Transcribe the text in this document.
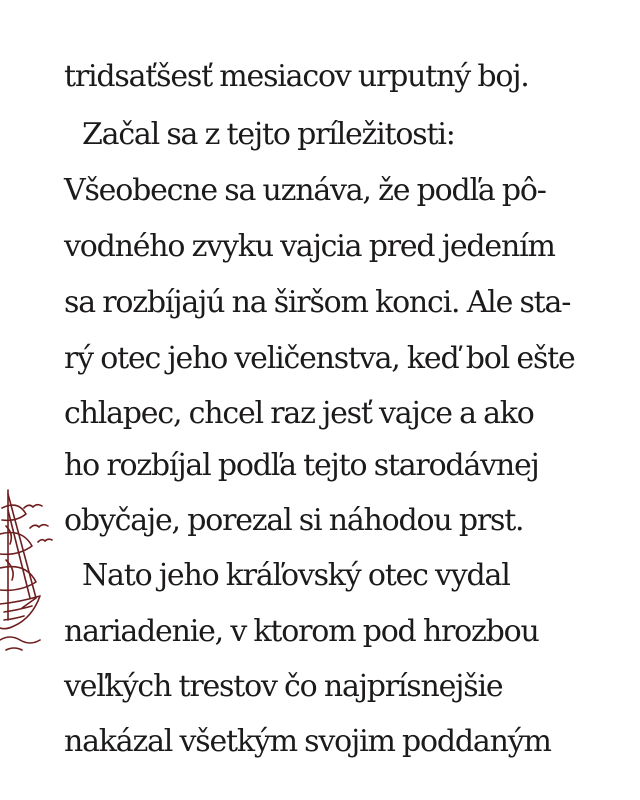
tridsaťšesť mesiacov urputný boj.

Začal sa z tejto príležitosti:

Všeobecne sa uznáva, že podľa pô-

vodného zvyku vajcia pred jedením

sa rozbíjajú na širšom konci. Ale sta-

rý otec jeho veličenstva, keď bol ešte

chlapec, chcel raz jesť vajce a ako

ho rozbíjal podľa tejto starodávnej

obyčaje, porezal si náhodou prst.

Nato jeho kráľovský otec vydal

nariadenie, v ktorom pod hrozbou

veľkých trestov čo najprísnejšie

nakázal všetkým svojim poddaným
